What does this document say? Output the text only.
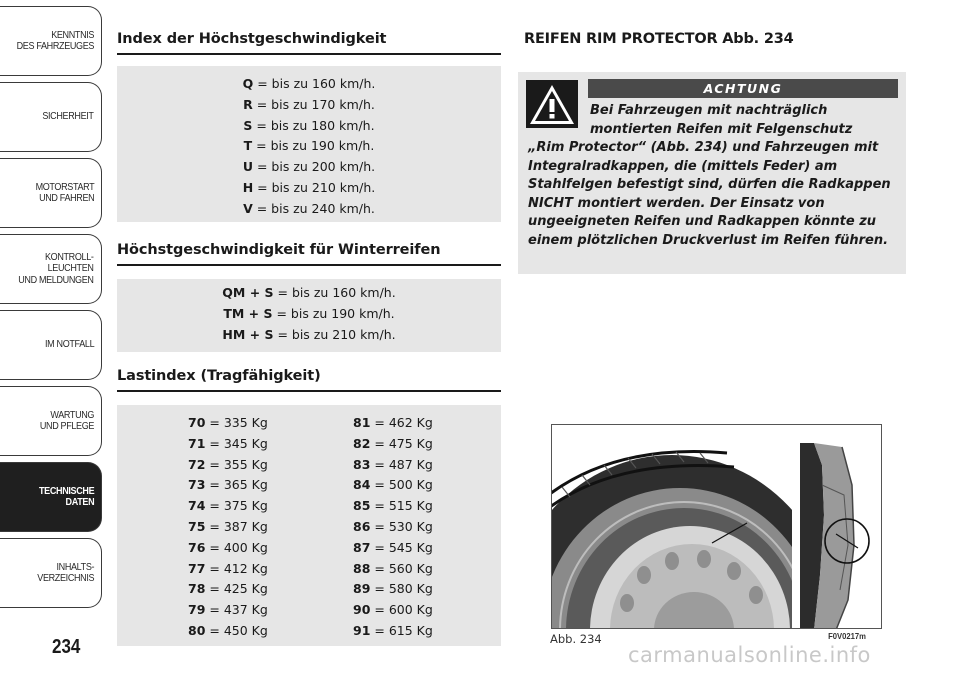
KENNTNIS
DES FAHRZEUGES
SICHERHEIT
MOTORSTART
UND FAHREN
KONTROLL-
LEUCHTEN
UND MELDUNGEN
IM NOTFALL
WARTUNG
UND PFLEGE
TECHNISCHE
DATEN
INHALTS-
VERZEICHNIS
234
Index der Höchstgeschwindigkeit
Q = bis zu 160 km/h.
R = bis zu 170 km/h.
S = bis zu 180 km/h.
T = bis zu 190 km/h.
U = bis zu 200 km/h.
H = bis zu 210 km/h.
V = bis zu 240 km/h.
Höchstgeschwindigkeit für Winterreifen
QM + S = bis zu 160 km/h.
TM + S = bis zu 190 km/h.
HM + S = bis zu 210 km/h.
Lastindex (Tragfähigkeit)
70 = 335 Kg
71 = 345 Kg
72 = 355 Kg
73 = 365 Kg
74 = 375 Kg
75 = 387 Kg
76 = 400 Kg
77 = 412 Kg
78 = 425 Kg
79 = 437 Kg
80 = 450 Kg
81 = 462 Kg
82 = 475 Kg
83 = 487 Kg
84 = 500 Kg
85 = 515 Kg
86 = 530 Kg
87 = 545 Kg
88 = 560 Kg
89 = 580 Kg
90 = 600 Kg
91 = 615 Kg
REIFEN RIM PROTECTOR Abb. 234
ACHTUNG
Bei Fahrzeugen mit nachträglich montierten Reifen mit Felgenschutz
„Rim Protector“ (Abb. 234) und Fahrzeugen mit Integralradkappen, die (mittels Feder) am Stahlfelgen befestigt sind, dürfen die Radkappen NICHT montiert werden. Der Einsatz von ungeeigneten Reifen und Radkappen könnte zu einem plötzlichen Druckverlust im Reifen führen.
Abb. 234	F0V0217m
carmanualsonline.info
